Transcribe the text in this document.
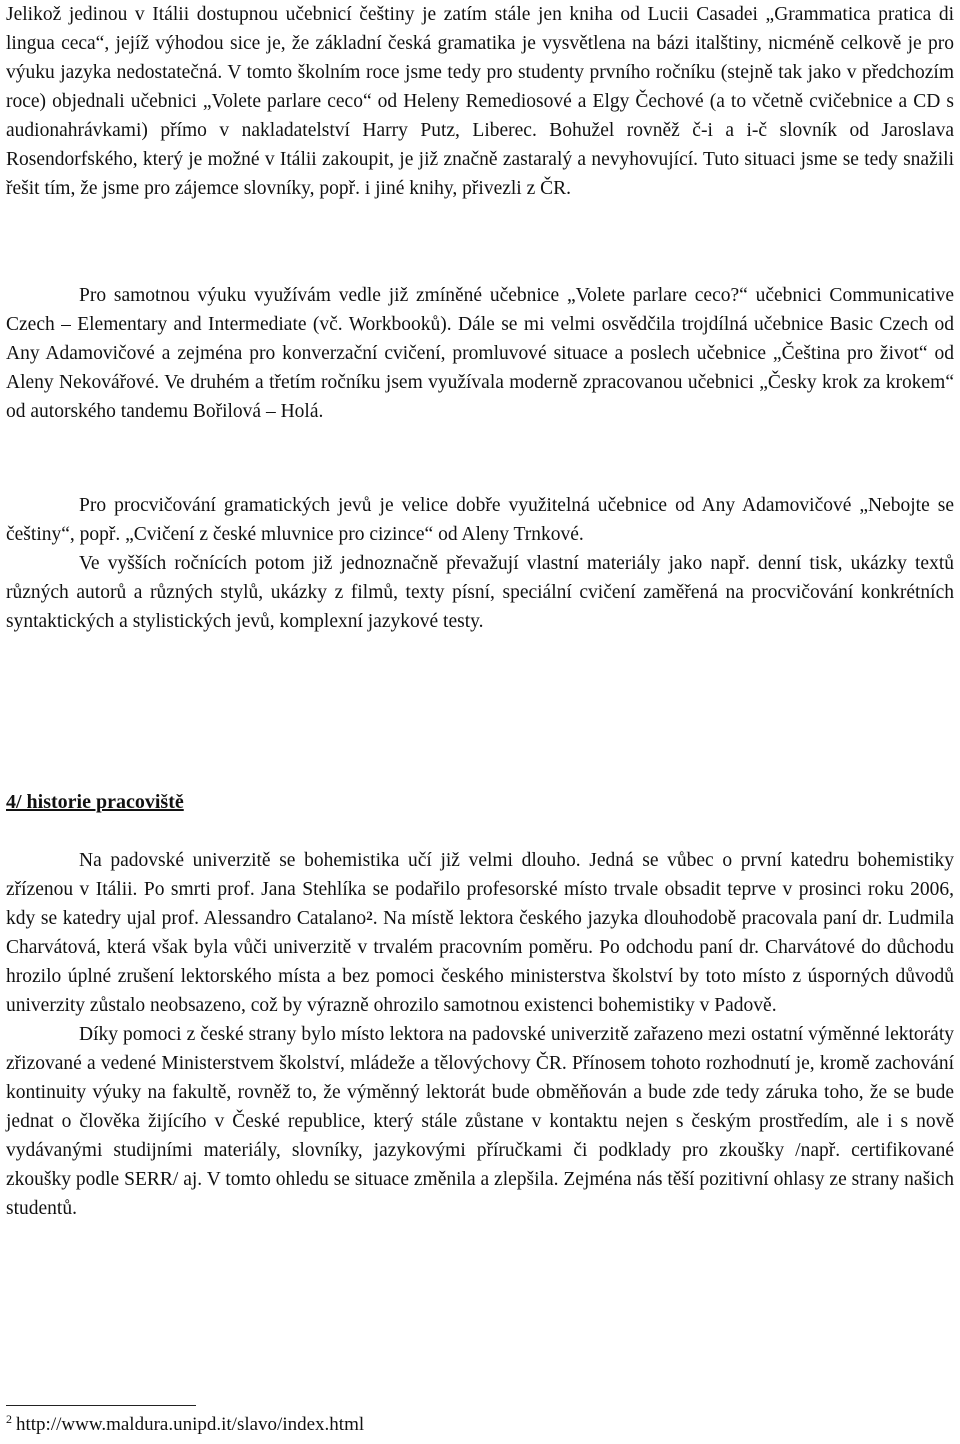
Jelikož jedinou v Itálii dostupnou učebnicí češtiny je zatím stále jen kniha od Lucii Casadei „Grammatica pratica di lingua ceca“, jejíž výhodou sice je, že základní česká gramatika je vysvětlena na bázi italštiny, nicméně celkově je pro výuku jazyka nedostatečná. V tomto školním roce jsme tedy pro studenty prvního ročníku (stejně tak jako v předchozím roce) objednali učebnici „Volete parlare ceco“ od Heleny Remediosové a Elgy Čechové (a to včetně cvičebnice a CD s audionahrávkami) přímo v nakladatelství Harry Putz, Liberec. Bohužel rovněž č-i a i-č slovník od Jaroslava Rosendorfského, který je možné v Itálii zakoupit, je již značně zastaralý a nevyhovující. Tuto situaci jsme se tedy snažili řešit tím, že jsme pro zájemce slovníky, popř. i jiné knihy, přivezli z ČR.

Pro samotnou výuku využívám vedle již zmíněné učebnice „Volete parlare ceco?“ učebnici Communicative Czech – Elementary and Intermediate (vč. Workbooků). Dále se mi velmi osvědčila trojdílná učebnice Basic Czech od Any Adamovičové a zejména pro konverzační cvičení, promluvové situace a poslech učebnice „Čeština pro život“ od Aleny Nekovářové. Ve druhém a třetím ročníku jsem využívala moderně zpracovanou učebnici „Česky krok za krokem“ od autorského tandemu Bořilová – Holá.

Pro procvičování gramatických jevů je velice dobře využitelná učebnice od Any Adamovičové „Nebojte se češtiny“, popř. „Cvičení z české mluvnice pro cizince“ od Aleny Trnkové.

Ve vyšších ročnících potom již jednoznačně převažují vlastní materiály jako např. denní tisk, ukázky textů různých autorů a různých stylů, ukázky z filmů, texty písní, speciální cvičení zaměřená na procvičování konkrétních syntaktických a stylistických jevů, komplexní jazykové testy.

4/ historie pracoviště

Na padovské univerzitě se bohemistika učí již velmi dlouho. Jedná se vůbec o první katedru bohemistiky zřízenou v Itálii. Po smrti prof. Jana Stehlíka se podařilo profesorské místo trvale obsadit teprve v prosinci roku 2006, kdy se katedry ujal prof. Alessandro Catalano$^2$. Na místě lektora českého jazyka dlouhodobě pracovala paní dr. Ludmila Charvátová, která však byla vůči univerzitě v trvalém pracovním poměru. Po odchodu paní dr. Charvátové do důchodu hrozilo úplné zrušení lektorského místa a bez pomoci českého ministerstva školství by toto místo z úsporných důvodů univerzity zůstalo neobsazeno, což by výrazně ohrozilo samotnou existenci bohemistiky v Padově.

Díky pomoci z české strany bylo místo lektora na padovské univerzitě zařazeno mezi ostatní výměnné lektoráty zřizované a vedené Ministerstvem školství, mládeže a tělovýchovy ČR. Přínosem tohoto rozhodnutí je, kromě zachování kontinuity výuky na fakultě, rovněž to, že výměnný lektorát bude obměňován a bude zde tedy záruka toho, že se bude jednat o člověka žijícího v České republice, který stále zůstane v kontaktu nejen s českým prostředím, ale i s nově vydávanými studijními materiály, slovníky, jazykovými příručkami či podklady pro zkoušky /např. certifikované zkoušky podle SERR/ aj. V tomto ohledu se situace změnila a zlepšila. Zejména nás těší pozitivní ohlasy ze strany našich studentů.

$^2$ http://www.maldura.unipd.it/slavo/index.html
